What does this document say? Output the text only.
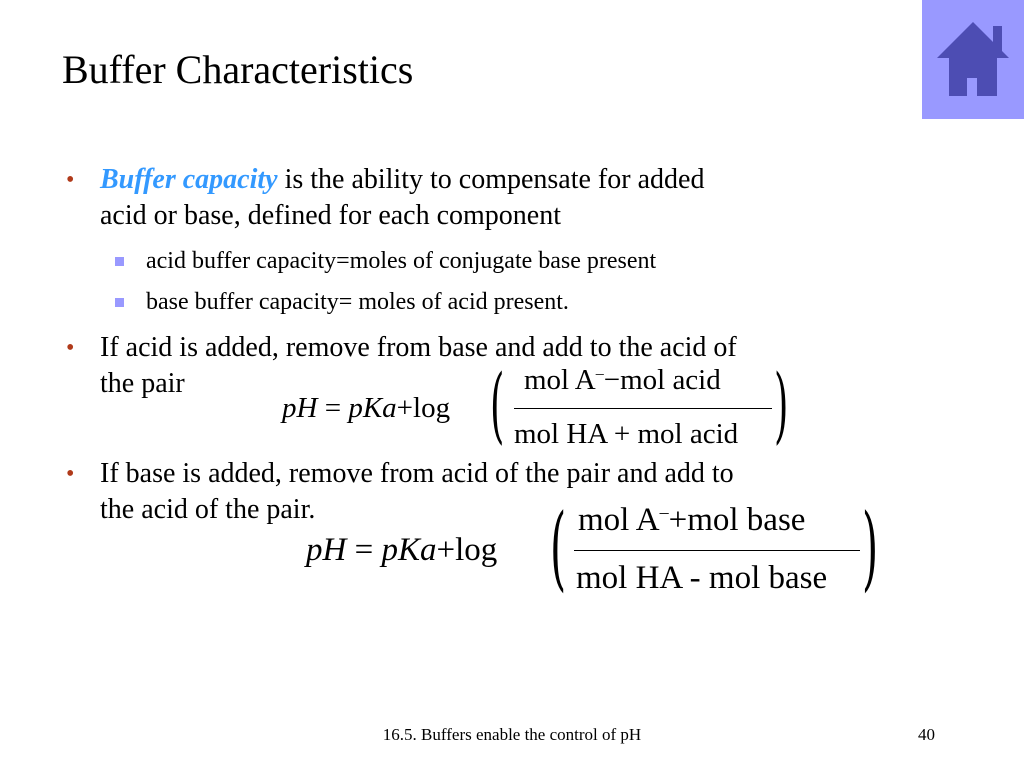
Buffer Characteristics
• Buffer capacity is the ability to compensate for added
acid or base, defined for each component
acid buffer capacity=moles of conjugate base present
base buffer capacity= moles of acid present.
• If acid is added, remove from base and add to the acid of
the pair
pH = pKa+log ( mol A–−mol acid
mol HA + mol acid )
• If base is added, remove from acid of the pair and add to
the acid of the pair.
pH = pKa+log ( mol A–+mol base
mol HA - mol base )
16.5. Buffers enable the control of pH	40
